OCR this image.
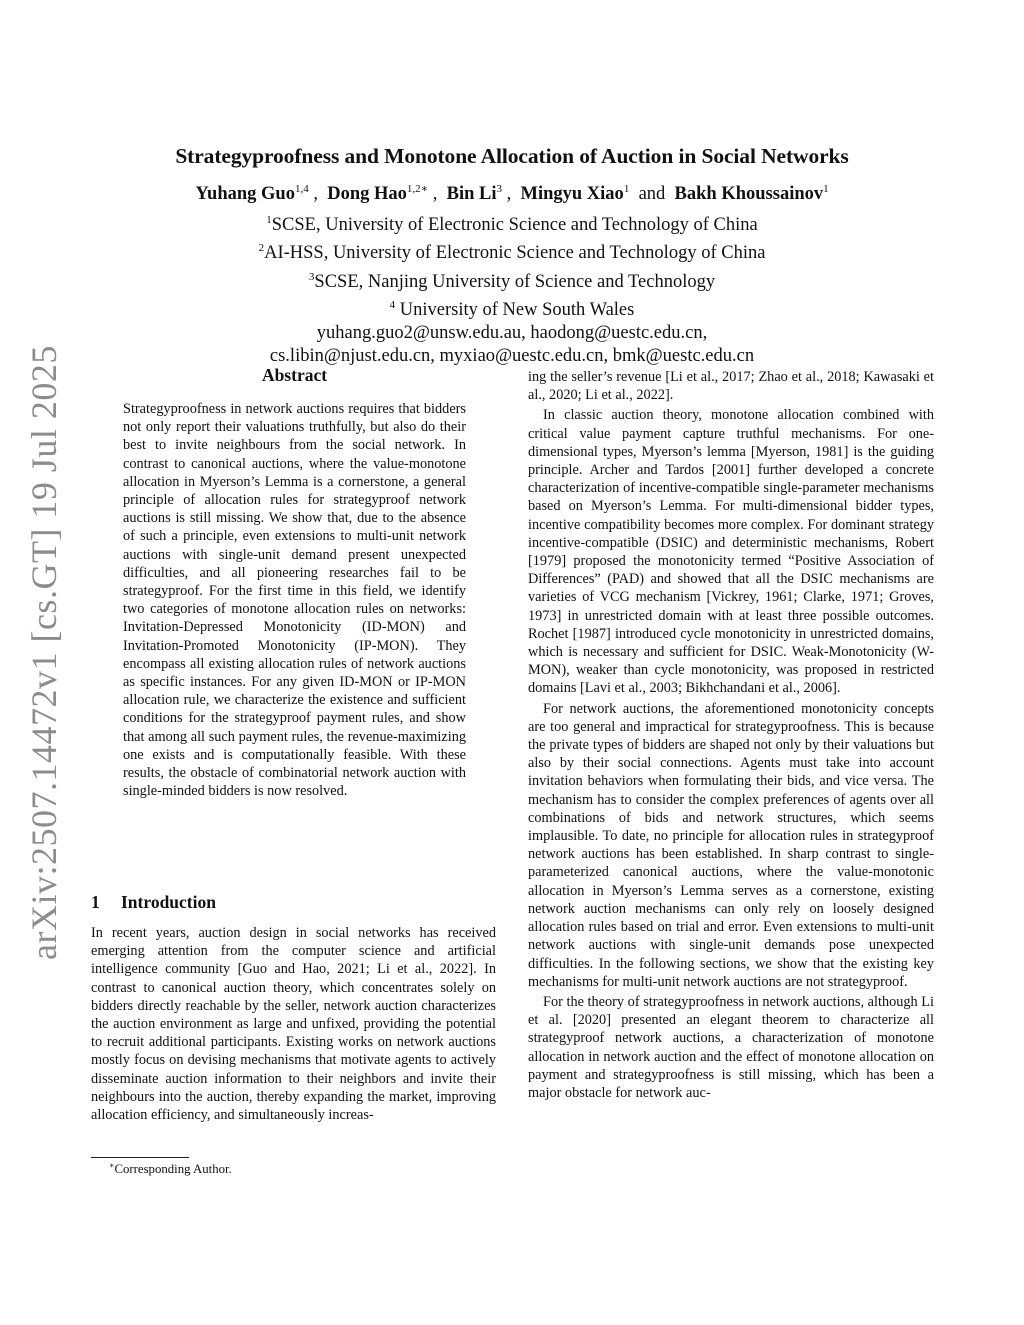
arXiv:2507.14472v1 [cs.GT] 19 Jul 2025
Strategyproofness and Monotone Allocation of Auction in Social Networks
Yuhang Guo$^{1,4}$ ,  Dong Hao$^{1,2∗}$ ,  Bin Li$^3$ ,  Mingyu Xiao$^1$ and Bakh Khoussainov$^1$
$^1$SCSE, University of Electronic Science and Technology of China
$^2$AI-HSS, University of Electronic Science and Technology of China
$^3$SCSE, Nanjing University of Science and Technology
$^4$ University of New South Wales
yuhang.guo2@unsw.edu.au, haodong@uestc.edu.cn,
cs.libin@njust.edu.cn, myxiao@uestc.edu.cn, bmk@uestc.edu.cn
Abstract
Strategyproofness in network auctions requires that bidders not only report their valuations truthfully, but also do their best to invite neighbours from the social network. In contrast to canonical auctions, where the value-monotone allocation in Myerson’s Lemma is a cornerstone, a general principle of allocation rules for strategyproof network auctions is still missing. We show that, due to the absence of such a principle, even extensions to multi-unit network auctions with single-unit demand present unexpected difficulties, and all pioneering researches fail to be strategyproof. For the first time in this field, we identify two categories of monotone allocation rules on networks: Invitation-Depressed Monotonicity (ID-MON) and Invitation-Promoted Monotonicity (IP-MON). They encompass all existing allocation rules of network auctions as specific instances. For any given ID-MON or IP-MON allocation rule, we characterize the existence and sufficient conditions for the strategyproof payment rules, and show that among all such payment rules, the revenue-maximizing one exists and is computationally feasible. With these results, the obstacle of combinatorial network auction with single-minded bidders is now resolved.
1 Introduction
In recent years, auction design in social networks has received emerging attention from the computer science and artificial intelligence community [Guo and Hao, 2021; Li et al., 2022]. In contrast to canonical auction theory, which concentrates solely on bidders directly reachable by the seller, network auction characterizes the auction environment as large and unfixed, providing the potential to recruit additional participants. Existing works on network auctions mostly focus on devising mechanisms that motivate agents to actively disseminate auction information to their neighbors and invite their neighbours into the auction, thereby expanding the market, improving allocation efficiency, and simultaneously increas-
∗Corresponding Author.

ing the seller’s revenue [Li et al., 2017; Zhao et al., 2018; Kawasaki et al., 2020; Li et al., 2022].

In classic auction theory, monotone allocation combined with critical value payment capture truthful mechanisms. For one-dimensional types, Myerson’s lemma [Myerson, 1981] is the guiding principle. Archer and Tardos [2001] further developed a concrete characterization of incentive-compatible single-parameter mechanisms based on Myerson’s Lemma. For multi-dimensional bidder types, incentive compatibility becomes more complex. For dominant strategy incentive-compatible (DSIC) and deterministic mechanisms, Robert [1979] proposed the monotonicity termed “Positive Association of Differences” (PAD) and showed that all the DSIC mechanisms are varieties of VCG mechanism [Vickrey, 1961; Clarke, 1971; Groves, 1973] in unrestricted domain with at least three possible outcomes. Rochet [1987] introduced cycle monotonicity in unrestricted domains, which is necessary and sufficient for DSIC. Weak-Monotonicity (W-MON), weaker than cycle monotonicity, was proposed in restricted domains [Lavi et al., 2003; Bikhchandani et al., 2006].

For network auctions, the aforementioned monotonicity concepts are too general and impractical for strategyproofness. This is because the private types of bidders are shaped not only by their valuations but also by their social connections. Agents must take into account invitation behaviors when formulating their bids, and vice versa. The mechanism has to consider the complex preferences of agents over all combinations of bids and network structures, which seems implausible. To date, no principle for allocation rules in strategyproof network auctions has been established. In sharp contrast to single-parameterized canonical auctions, where the value-monotonic allocation in Myerson’s Lemma serves as a cornerstone, existing network auction mechanisms can only rely on loosely designed allocation rules based on trial and error. Even extensions to multi-unit network auctions with single-unit demands pose unexpected difficulties. In the following sections, we show that the existing key mechanisms for multi-unit network auctions are not strategyproof.

For the theory of strategyproofness in network auctions, although Li et al. [2020] presented an elegant theorem to characterize all strategyproof network auctions, a characterization of monotone allocation in network auction and the effect of monotone allocation on payment and strategyproofness is still missing, which has been a major obstacle for network auc-
